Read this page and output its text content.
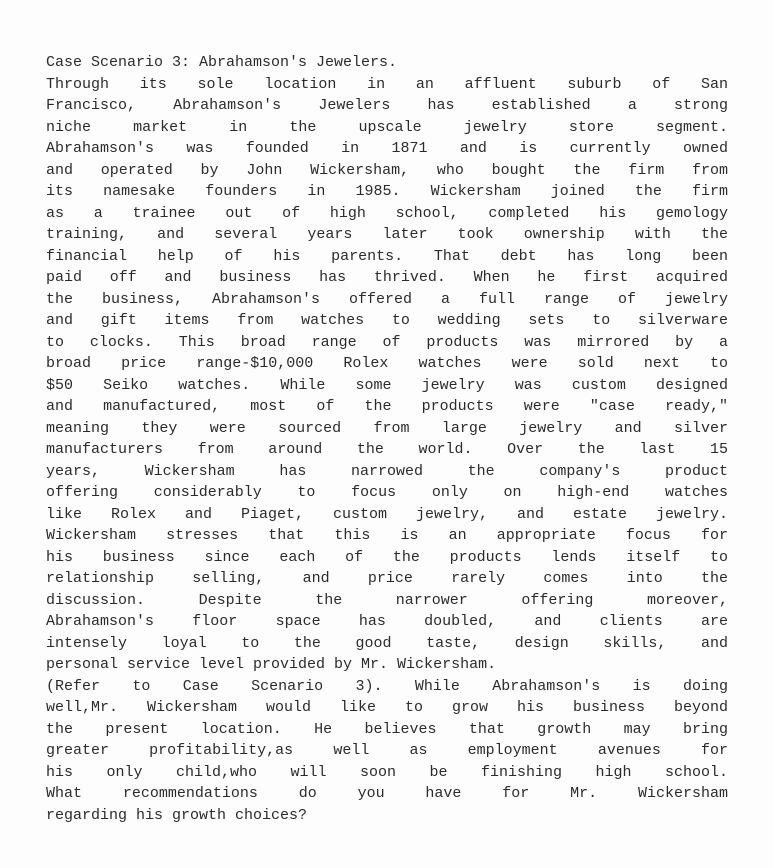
Case Scenario 3: Abrahamson's Jewelers.
Through its sole location in an affluent suburb of San
Francisco, Abrahamson's Jewelers has established a strong
niche market in the upscale jewelry store segment.
Abrahamson's was founded in 1871 and is currently owned
and operated by John Wickersham, who bought the firm from
its namesake founders in 1985. Wickersham joined the firm
as a trainee out of high school, completed his gemology
training, and several years later took ownership with the
financial help of his parents. That debt has long been
paid off and business has thrived. When he first acquired
the business, Abrahamson's offered a full range of jewelry
and gift items from watches to wedding sets to silverware
to clocks. This broad range of products was mirrored by a
broad price range-$10,000 Rolex watches were sold next to
$50 Seiko watches. While some jewelry was custom designed
and manufactured, most of the products were "case ready,"
meaning they were sourced from large jewelry and silver
manufacturers from around the world. Over the last 15
years, Wickersham has narrowed the company's product
offering considerably to focus only on high-end watches
like Rolex and Piaget, custom jewelry, and estate jewelry.
Wickersham stresses that this is an appropriate focus for
his business since each of the products lends itself to
relationship selling, and price rarely comes into the
discussion. Despite the narrower offering moreover,
Abrahamson's floor space has doubled, and clients are
intensely loyal to the good taste, design skills, and
personal service level provided by Mr. Wickersham.
(Refer to Case Scenario 3). While Abrahamson's is doing
well,Mr. Wickersham would like to grow his business beyond
the present location. He believes that growth may bring
greater profitability,as well as employment avenues for
his only child,who will soon be finishing high school.
What recommendations do you have for Mr. Wickersham
regarding his growth choices?
